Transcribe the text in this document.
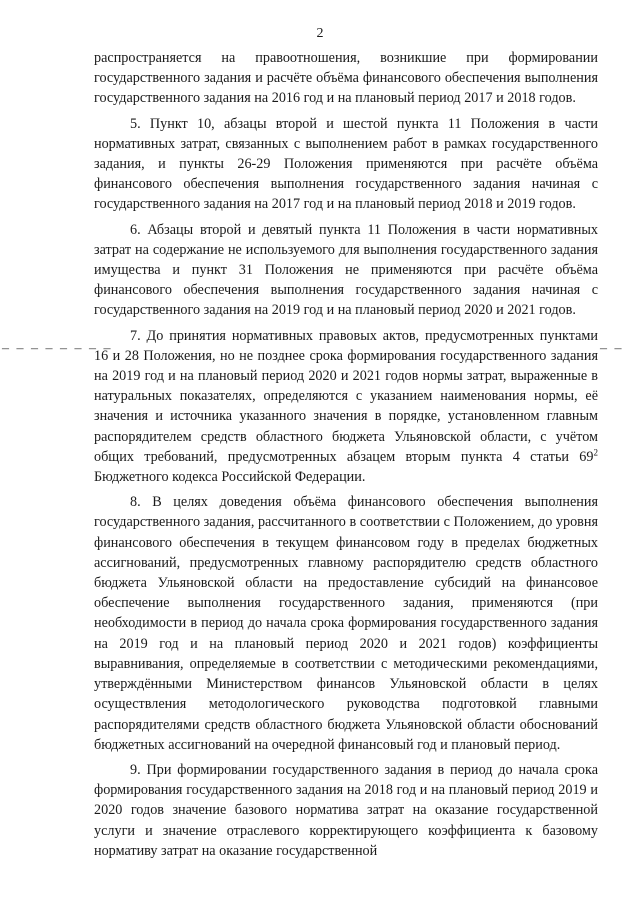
2
– – – – – – – –	– –

распространяется на правоотношения, возникшие при формировании государственного задания и расчёте объёма финансового обеспечения выполнения государственного задания на 2016 год и на плановый период 2017 и 2018 годов.

5. Пункт 10, абзацы второй и шестой пункта 11 Положения в части нормативных затрат, связанных с выполнением работ в рамках государственного задания, и пункты 26-29 Положения применяются при расчёте объёма финансового обеспечения выполнения государственного задания начиная с государственного задания на 2017 год и на плановый период 2018 и 2019 годов.

6. Абзацы второй и девятый пункта 11 Положения в части нормативных затрат на содержание не используемого для выполнения государственного задания имущества и пункт 31 Положения не применяются при расчёте объёма финансового обеспечения выполнения государственного задания начиная с государственного задания на 2019 год и на плановый период 2020 и 2021 годов.

7. До принятия нормативных правовых актов, предусмотренных пунктами 16 и 28 Положения, но не позднее срока формирования государственного задания на 2019 год и на плановый период 2020 и 2021 годов нормы затрат, выраженные в натуральных показателях, определяются с указанием наименования нормы, её значения и источника указанного значения в порядке, установленном главным распорядителем средств областного бюджета Ульяновской области, с учётом общих требований, предусмотренных абзацем вторым пункта 4 статьи $69^2$ Бюджетного кодекса Российской Федерации.

8. В целях доведения объёма финансового обеспечения выполнения государственного задания, рассчитанного в соответствии с Положением, до уровня финансового обеспечения в текущем финансовом году в пределах бюджетных ассигнований, предусмотренных главному распорядителю средств областного бюджета Ульяновской области на предоставление субсидий на финансовое обеспечение выполнения государственного задания, применяются (при необходимости в период до начала срока формирования государственного задания на 2019 год и на плановый период 2020 и 2021 годов) коэффициенты выравнивания, определяемые в соответствии с методическими рекомендациями, утверждёнными Министерством финансов Ульяновской области в целях осуществления методологического руководства подготовкой главными распорядителями средств областного бюджета Ульяновской области обоснований бюджетных ассигнований на очередной финансовый год и плановый период.

9. При формировании государственного задания в период до начала срока формирования государственного задания на 2018 год и на плановый период 2019 и 2020 годов значение базового норматива затрат на оказание государственной услуги и значение отраслевого корректирующего коэффициента к базовому нормативу затрат на оказание государственной
